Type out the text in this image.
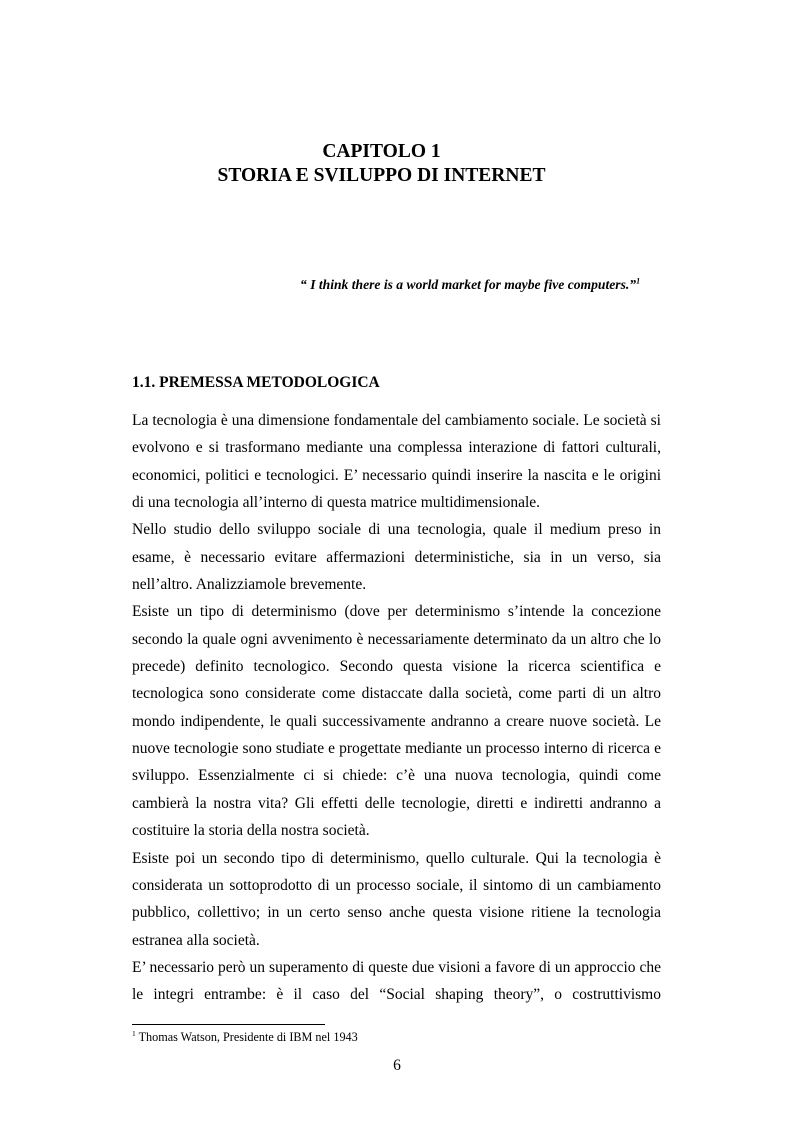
CAPITOLO 1
STORIA E SVILUPPO DI INTERNET
“ I think there is a world market for maybe five computers.”$^1$
1.1. PREMESSA METODOLOGICA

La tecnologia è una dimensione fondamentale del cambiamento sociale. Le società si evolvono e si trasformano mediante una complessa interazione di fattori culturali, economici, politici e tecnologici. E’ necessario quindi inserire la nascita e le origini di una tecnologia all’interno di questa matrice multidimensionale.

Nello studio dello sviluppo sociale di una tecnologia, quale il medium preso in esame, è necessario evitare affermazioni deterministiche, sia in un verso, sia nell’altro. Analizziamole brevemente.

Esiste un tipo di determinismo (dove per determinismo s’intende la concezione secondo la quale ogni avvenimento è necessariamente determinato da un altro che lo precede) definito tecnologico. Secondo questa visione la ricerca scientifica e tecnologica sono considerate come distaccate dalla società, come parti di un altro mondo indipendente, le quali successivamente andranno a creare nuove società. Le nuove tecnologie sono studiate e progettate mediante un processo interno di ricerca e sviluppo. Essenzialmente ci si chiede: c’è una nuova tecnologia, quindi come cambierà la nostra vita? Gli effetti delle tecnologie, diretti e indiretti andranno a costituire la storia della nostra società.

Esiste poi un secondo tipo di determinismo, quello culturale. Qui la tecnologia è considerata un sottoprodotto di un processo sociale, il sintomo di un cambiamento pubblico, collettivo; in un certo senso anche questa visione ritiene la tecnologia estranea alla società.

E’ necessario però un superamento di queste due visioni a favore di un approccio che le integri entrambe: è il caso del “Social shaping theory”, o costruttivismo

$^1$ Thomas Watson, Presidente di IBM nel 1943
6
